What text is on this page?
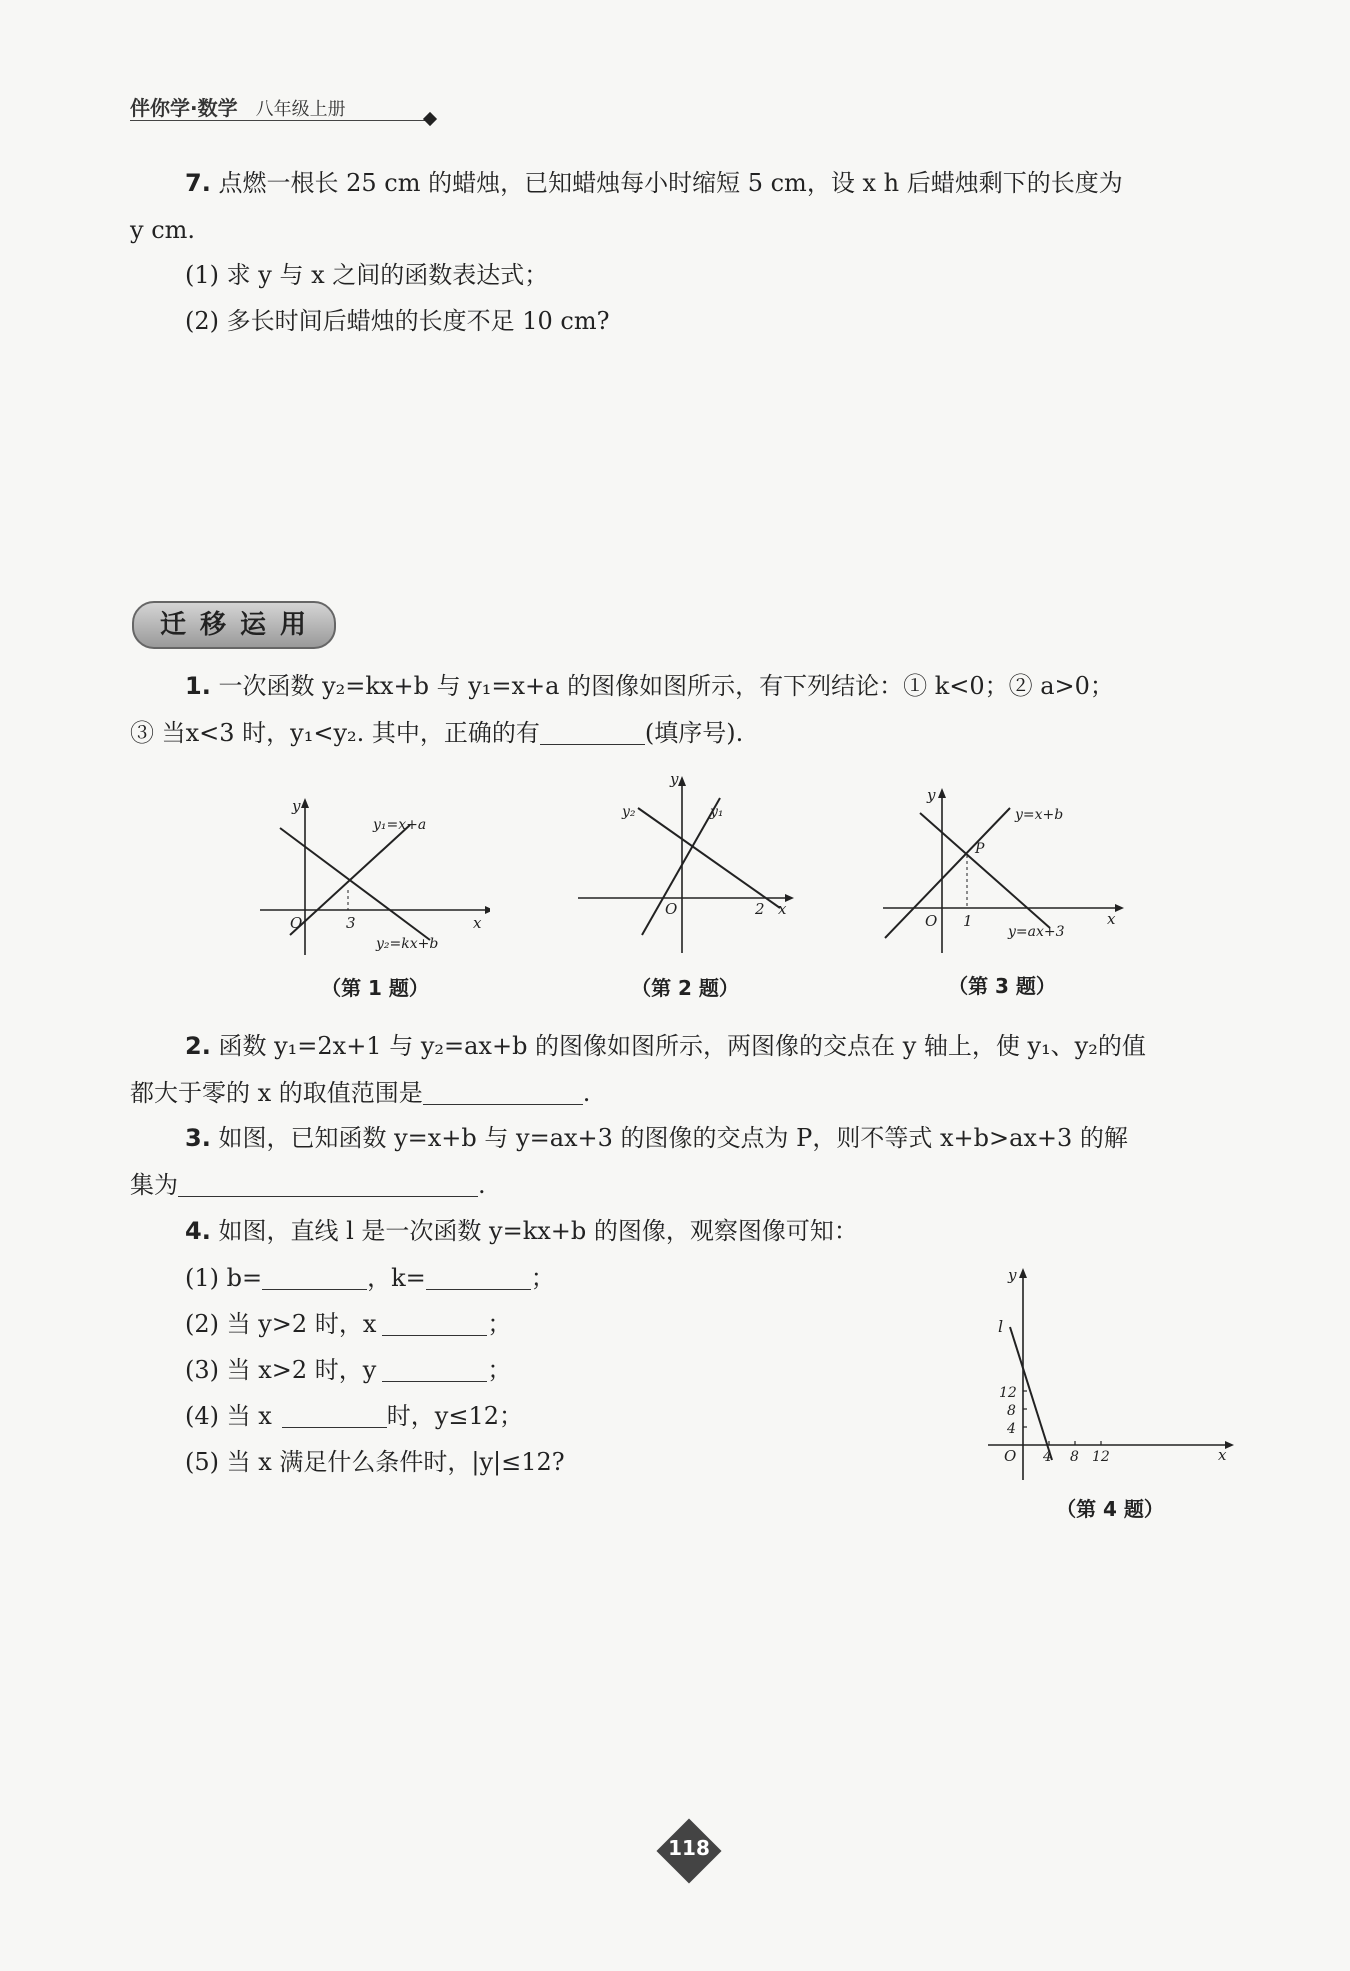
伴你学·数学 八年级上册
7. 点燃一根长 25 cm 的蜡烛，已知蜡烛每小时缩短 5 cm，设 x h 后蜡烛剩下的长度为
y cm.
(1) 求 y 与 x 之间的函数表达式；
(2) 多长时间后蜡烛的长度不足 10 cm?
迁移运用
1. 一次函数 y₂=kx+b 与 y₁=x+a 的图像如图所示，有下列结论：① k<0；② a>0；
③ 当x<3 时，y₁<y₂. 其中，正确的有	(填序号).
y
x
O	3
y₁=x+a
y₂=kx+b
（第 1 题）
y
x
O	2
y₂	y₁
（第 2 题）
y
x
O 1
P
y=x+b
y=ax+3
（第 3 题）
2. 函数 y₁=2x+1 与 y₂=ax+b 的图像如图所示，两图像的交点在 y 轴上，使 y₁、y₂的值
都大于零的 x 的取值范围是	.
3. 如图，已知函数 y=x+b 与 y=ax+3 的图像的交点为 P，则不等式 x+b>ax+3 的解
集为	.
4. 如图，直线 l 是一次函数 y=kx+b 的图像，观察图像可知：
(1) b=	，k=	；
(2) 当 y>2 时，x	；
(3) 当 x>2 时，y	；
(4) 当 x	时，y≤12；
(5) 当 x 满足什么条件时，|y|≤12?
y
x
O
l
12
8
4
4 8 12
（第 4 题）
118
